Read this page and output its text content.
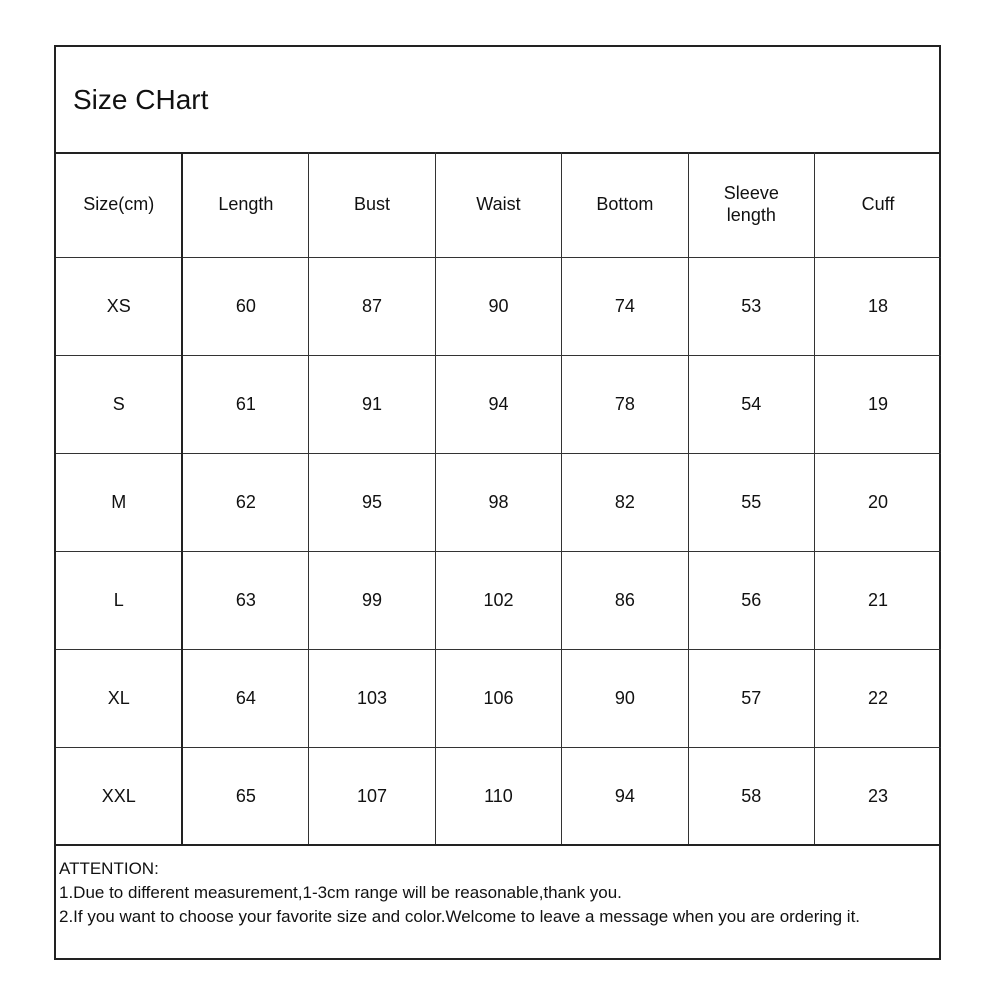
Size CHart
Size(cm)	Length	Bust	Waist	Bottom	Sleeve length	Cuff
XS	60	87	90	74	53	18
S	61	91	94	78	54	19
M	62	95	98	82	55	20
L	63	99	102	86	56	21
XL	64	103	106	90	57	22
XXL	65	107	110	94	58	23
ATTENTION:
1.Due to different measurement,1-3cm range will be reasonable,thank you.
2.If you want to choose your favorite size and color.Welcome to leave a message when you are ordering it.
